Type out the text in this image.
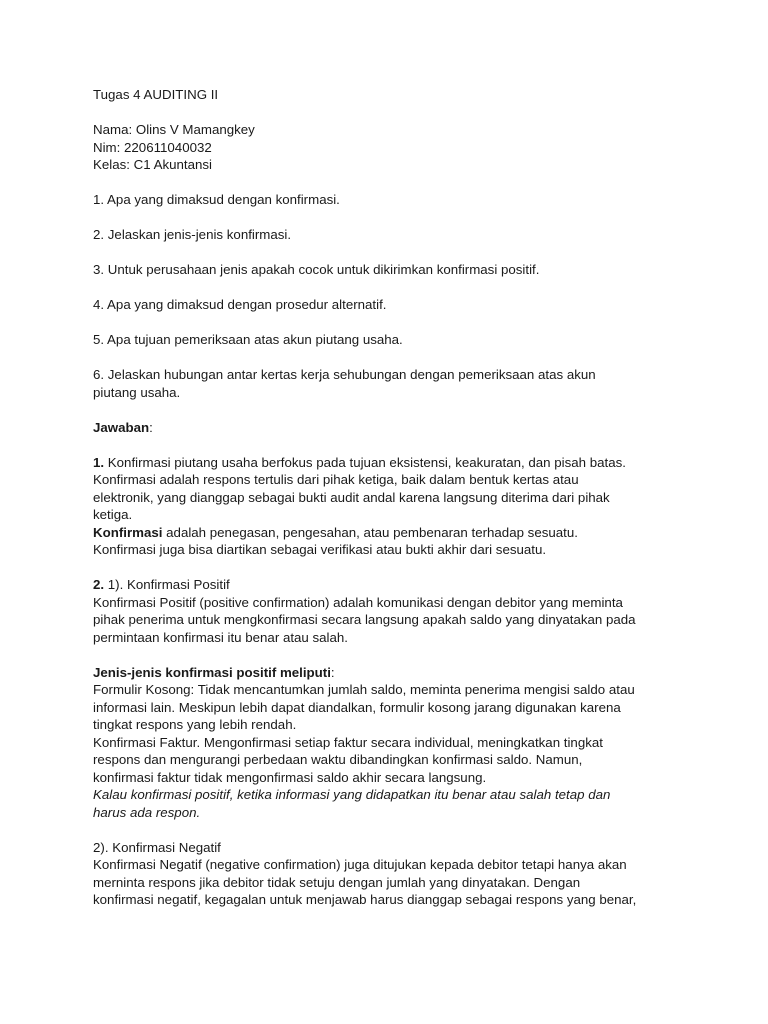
Tugas 4 AUDITING II
Nama: Olins V Mamangkey
Nim: 220611040032
Kelas: C1 Akuntansi
1. Apa yang dimaksud dengan konfirmasi.
2. Jelaskan jenis-jenis konfirmasi.
3. Untuk perusahaan jenis apakah cocok untuk dikirimkan konfirmasi positif.
4. Apa yang dimaksud dengan prosedur alternatif.
5. Apa tujuan pemeriksaan atas akun piutang usaha.
6. Jelaskan hubungan antar kertas kerja sehubungan dengan pemeriksaan atas akun
piutang usaha.
Jawaban:
1. Konfirmasi piutang usaha berfokus pada tujuan eksistensi, keakuratan, dan pisah batas.
Konfirmasi adalah respons tertulis dari pihak ketiga, baik dalam bentuk kertas atau
elektronik, yang dianggap sebagai bukti audit andal karena langsung diterima dari pihak
ketiga.
Konfirmasi adalah penegasan, pengesahan, atau pembenaran terhadap sesuatu.
Konfirmasi juga bisa diartikan sebagai verifikasi atau bukti akhir dari sesuatu.
2. 1). Konfirmasi Positif
Konfirmasi Positif (positive confirmation) adalah komunikasi dengan debitor yang meminta
pihak penerima untuk mengkonfirmasi secara langsung apakah saldo yang dinyatakan pada
permintaan konfirmasi itu benar atau salah.
Jenis-jenis konfirmasi positif meliputi:
Formulir Kosong: Tidak mencantumkan jumlah saldo, meminta penerima mengisi saldo atau
informasi lain. Meskipun lebih dapat diandalkan, formulir kosong jarang digunakan karena
tingkat respons yang lebih rendah.
Konfirmasi Faktur. Mengonfirmasi setiap faktur secara individual, meningkatkan tingkat
respons dan mengurangi perbedaan waktu dibandingkan konfirmasi saldo. Namun,
konfirmasi faktur tidak mengonfirmasi saldo akhir secara langsung.
Kalau konfirmasi positif, ketika informasi yang didapatkan itu benar atau salah tetap dan
harus ada respon.
2). Konfirmasi Negatif
Konfirmasi Negatif (negative confirmation) juga ditujukan kepada debitor tetapi hanya akan
merninta respons jika debitor tidak setuju dengan jumlah yang dinyatakan. Dengan
konfirmasi negatif, kegagalan untuk menjawab harus dianggap sebagai respons yang benar,
